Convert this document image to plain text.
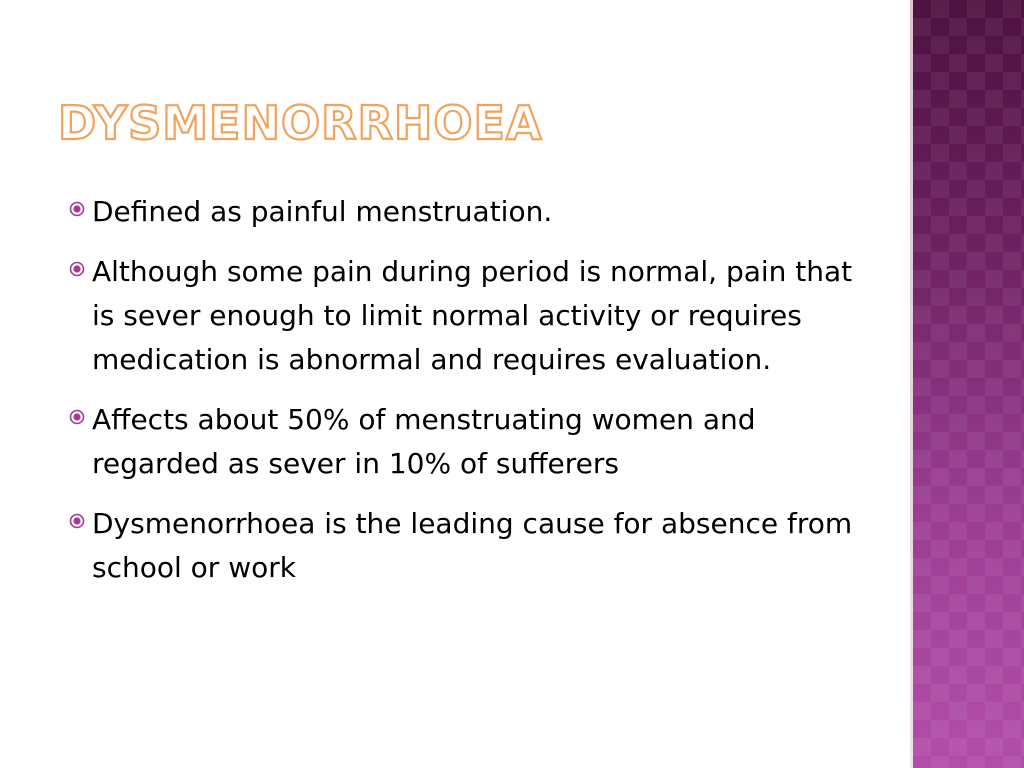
DYSMENORRHOEA
Defined as painful menstruation.
Although some pain during period is normal, pain that is sever enough to limit normal activity or requires medication is abnormal and requires evaluation.
Affects about 50% of menstruating women and regarded as sever in 10% of sufferers
Dysmenorrhoea is the leading cause for absence from school or work
